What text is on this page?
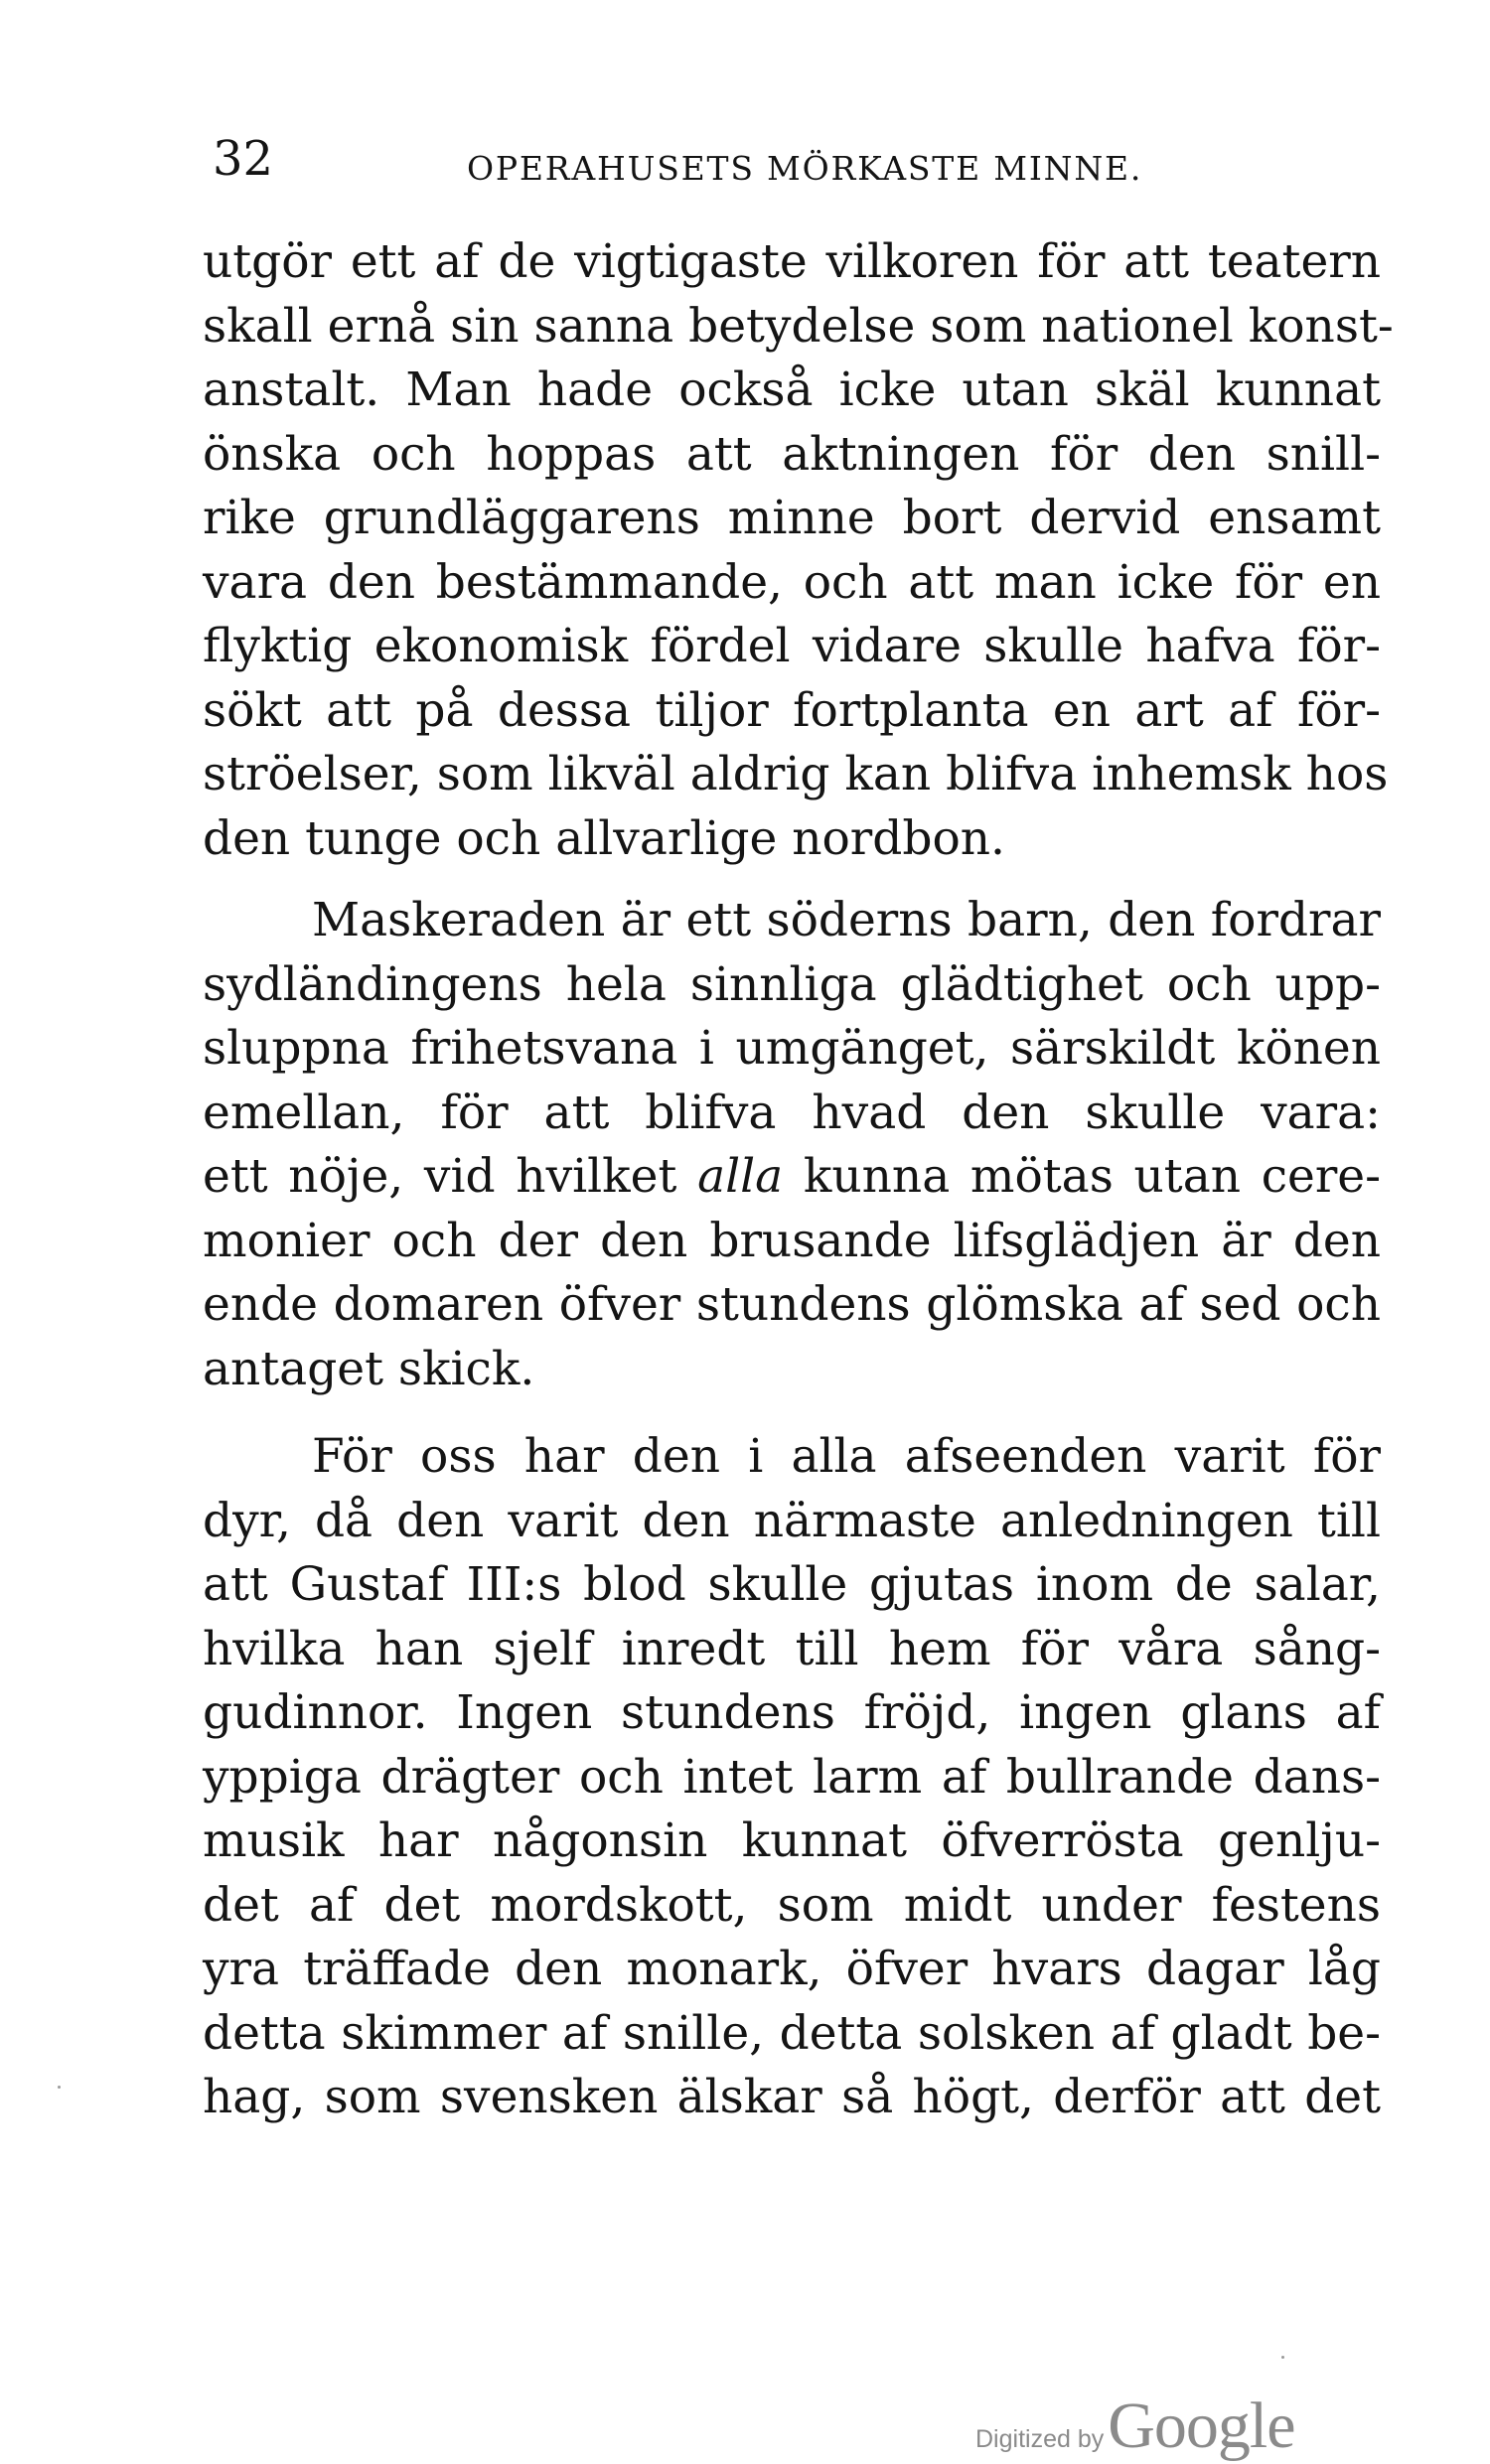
32	OPERAHUSETS MÖRKASTE MINNE.
utgör ett af de vigtigaste vilkoren för att teatern
skall ernå sin sanna betydelse som nationel konst-
anstalt. Man hade också icke utan skäl kunnat
önska och hoppas att aktningen för den snill-
rike grundläggarens minne bort dervid ensamt
vara den bestämmande, och att man icke för en
flyktig ekonomisk fördel vidare skulle hafva för-
sökt att på dessa tiljor fortplanta en art af för-
ströelser, som likväl aldrig kan blifva inhemsk hos
den tunge och allvarlige nordbon.
Maskeraden är ett söderns barn, den fordrar
sydländingens hela sinnliga glädtighet och upp-
sluppna frihetsvana i umgänget, särskildt könen
emellan, för att blifva hvad den skulle vara:
ett nöje, vid hvilket alla kunna mötas utan cere-
monier och der den brusande lifsglädjen är den
ende domaren öfver stundens glömska af sed och
antaget skick.
För oss har den i alla afseenden varit för
dyr, då den varit den närmaste anledningen till
att Gustaf III:s blod skulle gjutas inom de salar,
hvilka han sjelf inredt till hem för våra sång-
gudinnor. Ingen stundens fröjd, ingen glans af
yppiga drägter och intet larm af bullrande dans-
musik har någonsin kunnat öfverrösta genlju-
det af det mordskott, som midt under festens
yra träffade den monark, öfver hvars dagar låg
detta skimmer af snille, detta solsken af gladt be-
hag, som svensken älskar så högt, derför att det
Digitized byGoogle
